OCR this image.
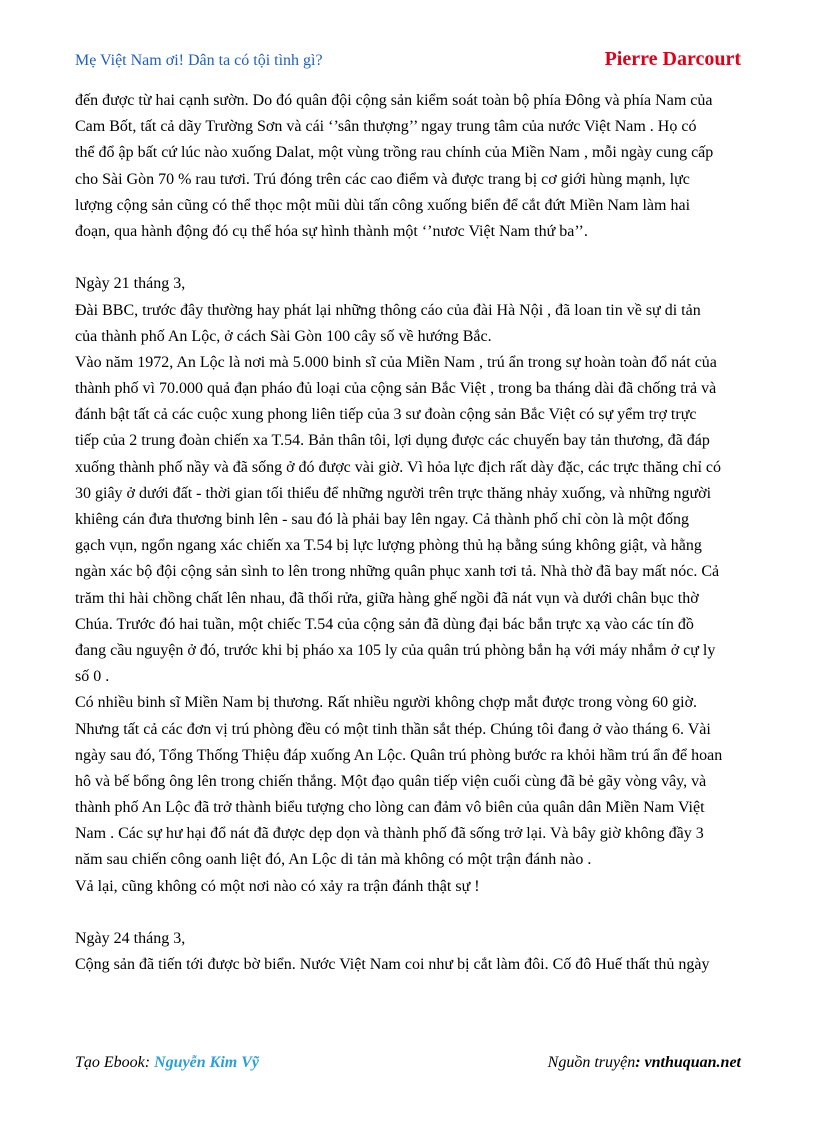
Mẹ Việt Nam ơi! Dân ta có tội tình gì?	Pierre Darcourt
đến được từ hai cạnh sườn. Do đó quân đội cộng sản kiểm soát toàn bộ phía Đông và phía Nam của
Cam Bốt, tất cả dãy Trường Sơn và cái ‘’sân thượng’’ ngay trung tâm của nước Việt Nam . Họ có
thể đổ ập bất cứ lúc nào xuống Dalat, một vùng trồng rau chính của Miền Nam , mỗi ngày cung cấp
cho Sài Gòn 70 % rau tươi. Trú đóng trên các cao điểm và được trang bị cơ giới hùng mạnh, lực
lượng cộng sản cũng có thể thọc một mũi dùi tấn công xuống biển để cắt đứt Miền Nam làm hai
đoạn, qua hành động đó cụ thể hóa sự hình thành một ‘’nươc Việt Nam thứ ba’’.
Ngày 21 tháng 3,
Đài BBC, trước đây thường hay phát lại những thông cáo của đài Hà Nội , đã loan tin về sự di tản
của thành phố An Lộc, ở cách Sài Gòn 100 cây số về hướng Bắc.
Vào năm 1972, An Lộc là nơi mà 5.000 binh sĩ của Miền Nam , trú ẩn trong sự hoàn toàn đổ nát của
thành phố vì 70.000 quả đạn pháo đủ loại của cộng sản Bắc Việt , trong ba tháng dài đã chống trả và
đánh bật tất cả các cuộc xung phong liên tiếp của 3 sư đoàn cộng sản Bắc Việt có sự yểm trợ trực
tiếp của 2 trung đoàn chiến xa T.54. Bản thân tôi, lợi dụng được các chuyến bay tản thương, đã đáp
xuống thành phố nầy và đã sống ở đó được vài giờ. Vì hỏa lực địch rất dày đặc, các trực thăng chỉ có
30 giây ở dưới đất - thời gian tối thiểu để những người trên trực thăng nhảy xuống, và những người
khiêng cán đưa thương binh lên - sau đó là phải bay lên ngay. Cả thành phố chỉ còn là một đống
gạch vụn, ngổn ngang xác chiến xa T.54 bị lực lượng phòng thủ hạ bằng súng không giật, và hằng
ngàn xác bộ đội cộng sản sình to lên trong những quân phục xanh tơi tả. Nhà thờ đã bay mất nóc. Cả
trăm thi hài chồng chất lên nhau, đã thối rửa, giữa hàng ghế ngồi đã nát vụn và dưới chân bục thờ
Chúa. Trước đó hai tuần, một chiếc T.54 của cộng sản đã dùng đại bác bắn trực xạ vào các tín đồ
đang cầu nguyện ở đó, trước khi bị pháo xa 105 ly của quân trú phòng bắn hạ với máy nhắm ở cự ly
số 0 .
Có nhiều binh sĩ Miền Nam bị thương. Rất nhiều người không chợp mắt được trong vòng 60 giờ.
Nhưng tất cả các đơn vị trú phòng đều có một tinh thần sắt thép. Chúng tôi đang ở vào tháng 6. Vài
ngày sau đó, Tổng Thống Thiệu đáp xuống An Lộc. Quân trú phòng bước ra khỏi hầm trú ẩn để hoan
hô và bế bổng ông lên trong chiến thắng. Một đạo quân tiếp viện cuối cùng đã bẻ gãy vòng vây, và
thành phố An Lộc đã trở thành biểu tượng cho lòng can đảm vô biên của quân dân Miền Nam Việt
Nam . Các sự hư hại đổ nát đã được dẹp dọn và thành phố đã sống trở lại. Và bây giờ không đầy 3
năm sau chiến công oanh liệt đó, An Lộc di tản mà không có một trận đánh nào .
Vả lại, cũng không có một nơi nào có xảy ra trận đánh thật sự !
Ngày 24 tháng 3,
Cộng sản đã tiến tới được bờ biển. Nước Việt Nam coi như bị cắt làm đôi. Cố đô Huế thất thủ ngày
Tạo Ebook: Nguyễn Kim Vỹ	Nguồn truyện: vnthuquan.net
